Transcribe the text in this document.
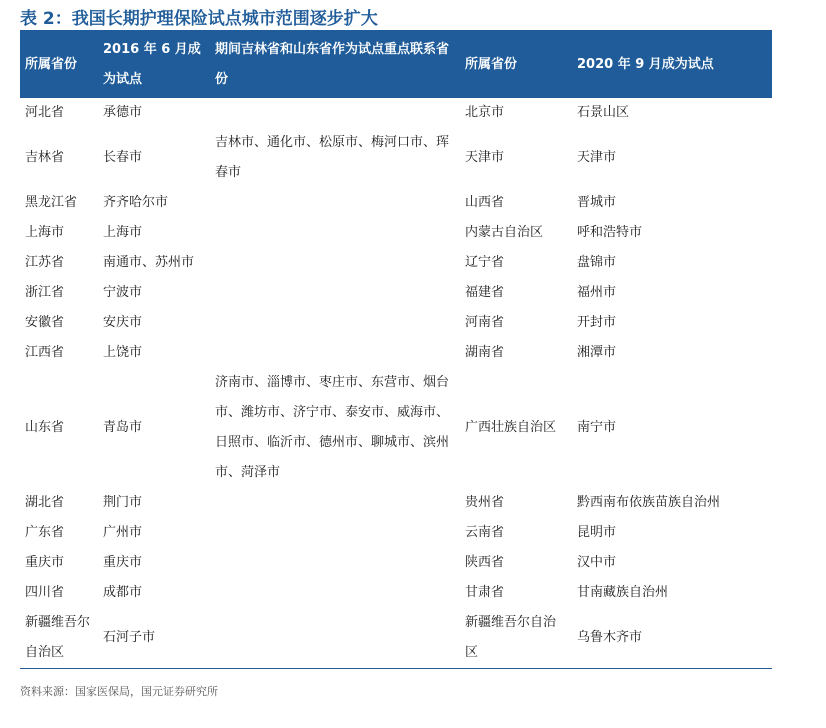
表 2：我国长期护理保险试点城市范围逐步扩大
所属省份	2016 年 6 月成为试点	期间吉林省和山东省作为试点重点联系省份	所属省份	2020 年 9 月成为试点
河北省	承德市		北京市	石景山区
吉林省	长春市	吉林市、通化市、松原市、梅河口市、珲春市	天津市	天津市
黑龙江省	齐齐哈尔市		山西省	晋城市
上海市	上海市		内蒙古自治区	呼和浩特市
江苏省	南通市、苏州市		辽宁省	盘锦市
浙江省	宁波市		福建省	福州市
安徽省	安庆市		河南省	开封市
江西省	上饶市		湖南省	湘潭市
山东省	青岛市	济南市、淄博市、枣庄市、东营市、烟台市、潍坊市、济宁市、泰安市、威海市、日照市、临沂市、德州市、聊城市、滨州市、菏泽市	广西壮族自治区	南宁市
湖北省	荆门市		贵州省	黔西南布依族苗族自治州
广东省	广州市		云南省	昆明市
重庆市	重庆市		陕西省	汉中市
四川省	成都市		甘肃省	甘南藏族自治州
新疆维吾尔自治区	石河子市		新疆维吾尔自治区	乌鲁木齐市
资料来源：国家医保局，国元证券研究所
